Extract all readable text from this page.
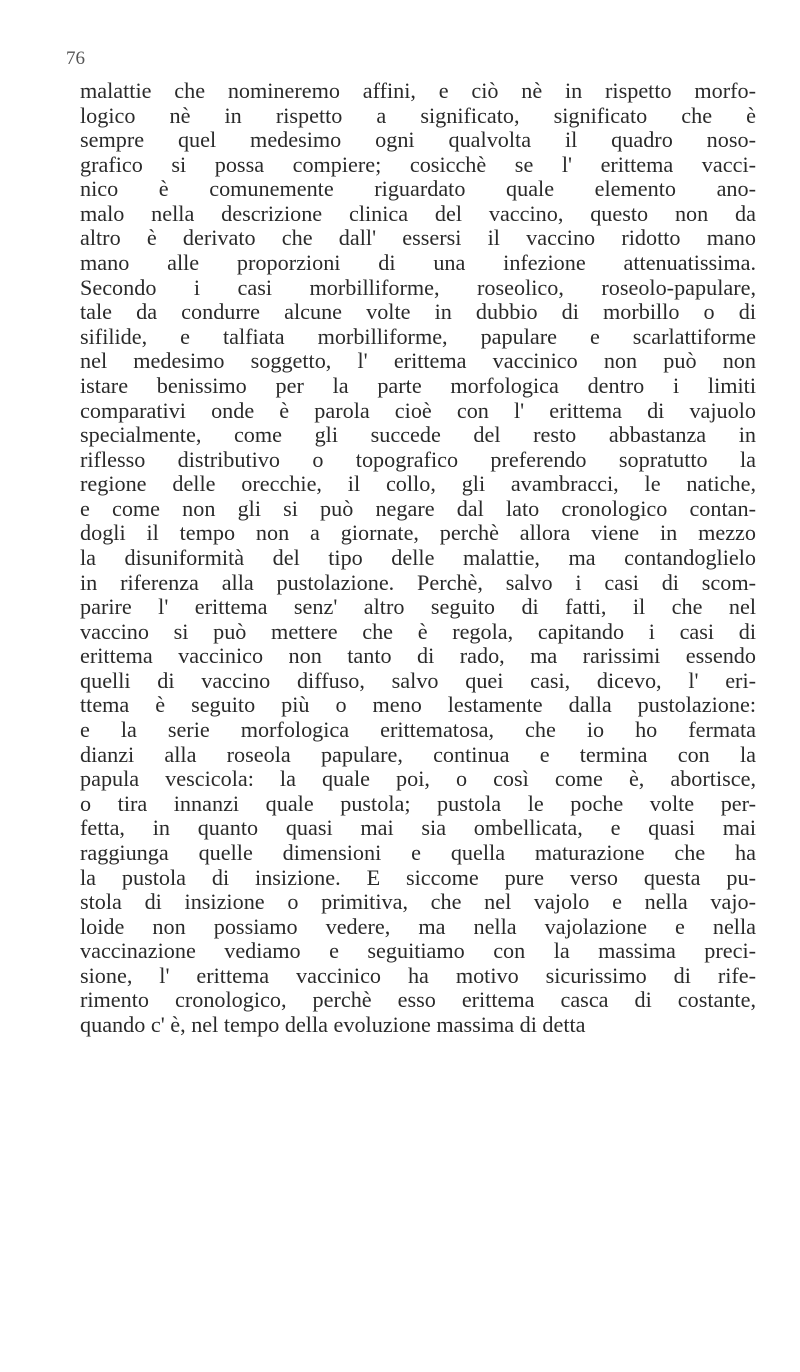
76
malattie che nomineremo affini, e ciò nè in rispetto morfo-
logico nè in rispetto a significato, significato che è
sempre quel medesimo ogni qualvolta il quadro noso-
grafico si possa compiere; cosicchè se l' erittema vacci-
nico è comunemente riguardato quale elemento ano-
malo nella descrizione clinica del vaccino, questo non da
altro è derivato che dall' essersi il vaccino ridotto mano
mano alle proporzioni di una infezione attenuatissima.
Secondo i casi morbilliforme, roseolico, roseolo-papulare,
tale da condurre alcune volte in dubbio di morbillo o di
sifilide, e talfiata morbilliforme, papulare e scarlattiforme
nel medesimo soggetto, l' erittema vaccinico non può non
istare benissimo per la parte morfologica dentro i limiti
comparativi onde è parola cioè con l' erittema di vajuolo
specialmente, come gli succede del resto abbastanza in
riflesso distributivo o topografico preferendo sopratutto la
regione delle orecchie, il collo, gli avambracci, le natiche,
e come non gli si può negare dal lato cronologico contan-
dogli il tempo non a giornate, perchè allora viene in mezzo
la disuniformità del tipo delle malattie, ma contandoglielo
in riferenza alla pustolazione. Perchè, salvo i casi di scom-
parire l' erittema senz' altro seguito di fatti, il che nel
vaccino si può mettere che è regola, capitando i casi di
erittema vaccinico non tanto di rado, ma rarissimi essendo
quelli di vaccino diffuso, salvo quei casi, dicevo, l' eri-
ttema è seguito più o meno lestamente dalla pustolazione:
e la serie morfologica erittematosa, che io ho fermata
dianzi alla roseola papulare, continua e termina con la
papula vescicola: la quale poi, o così come è, abortisce,
o tira innanzi quale pustola; pustola le poche volte per-
fetta, in quanto quasi mai sia ombellicata, e quasi mai
raggiunga quelle dimensioni e quella maturazione che ha
la pustola di insizione. E siccome pure verso questa pu-
stola di insizione o primitiva, che nel vajolo e nella vajo-
loide non possiamo vedere, ma nella vajolazione e nella
vaccinazione vediamo e seguitiamo con la massima preci-
sione, l' erittema vaccinico ha motivo sicurissimo di rife-
rimento cronologico, perchè esso erittema casca di costante,
quando c' è, nel tempo della evoluzione massima di detta
